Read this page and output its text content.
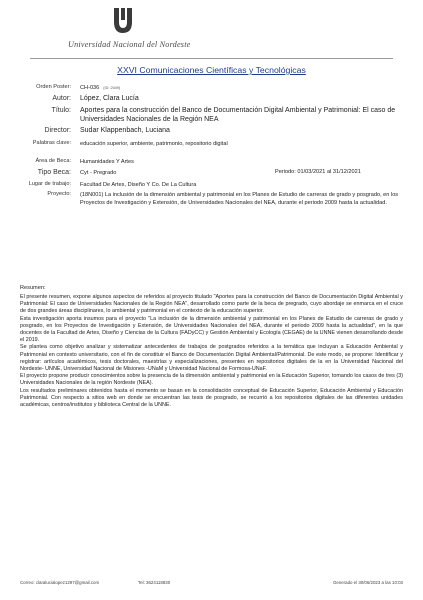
Universidad Nacional del Nordeste
XXVI Comunicaciones Científicas y Tecnológicas
Orden Poster: CH-036 (ID: 2049)
Autor: López, Clara Lucía
Título: Aportes para la construcción del Banco de Documentación Digital Ambiental y Patrimonial: El caso de Universidades Nacionales de la Región NEA
Director: Sudar Klappenbach, Luciana
Palabras clave: educación superior, ambiente, patrimonio, repositorio digital
Área de Beca: Humanidades Y Artes
Tipo Beca: Cyt - Pregrado	Periodo: 01/03/2021 al 31/12/2021
Lugar de trabajo: Facultad De Artes, Diseño Y Co. De La Cultura
Proyecto: (18N001) La inclusión de la dimensión ambiental y patrimonial en los Planes de Estudio de carreras de grado y posgrado, en los Proyectos de Investigación y Extensión, de Universidades Nacionales del NEA, durante el periodo 2009 hasta la actualidad.
Resumen:

El presente resumen, expone algunos aspectos de referidos al proyecto titulado "Aportes para la construcción del Banco de Documentación Digital Ambiental y Patrimonial: El caso de Universidades Nacionales de la Región NEA", desarrollado como parte de la beca de pregrado, cuyo abordaje se enmarca en el cruce de dos grandes áreas disciplinares, lo ambiental y patrimonial en el contexto de la educación superior.

Esta investigación aporta insumos para el proyecto "La inclusión de la dimensión ambiental y patrimonial en los Planes de Estudio de carreras de grado y posgrado, en los Proyectos de Investigación y Extensión, de Universidades Nacionales del NEA, durante el periodo 2009 hasta la actualidad", en la que docentes de la Facultad de Artes, Diseño y Ciencias de la Cultura (FADyCC) y Gestión Ambiental y Ecología (CEGAE) de la UNNE vienen desarrollando desde el 2019.

Se plantea como objetivo analizar y sistematizar antecedentes de trabajos de postgrados referidos a la temática que incluyan a Educación Ambiental y Patrimonial en contexto universitario, con el fin de constituir el Banco de Documentación Digital Ambiental/Patrimonial. De este modo, se propone: Identificar y registrar: artículos académicos, tesis doctorales, maestrías y especializaciones, presentes en repositorios digitales de la en la Universidad Nacional del Nordeste- UNNE, Universidad Nacional de Misiones -UNaM y Universidad Nacional de Formosa-UNaF.

El proyecto propone producir conocimientos sobre la presencia de la dimensión ambiental y patrimonial en la Educación Superior, tomando los casos de tres (3) Universidades Nacionales de la región Nordeste (NEA).

Los resultados preliminares obtenidos hasta el momento se basan en la consolidación conceptual de Educación Superior, Educación Ambiental y Educación Patrimonial. Con respecto a sitios web en donde se encuentran las tesis de posgrado, se recurrió a los repositorios digitales de las diferentes unidades académicas, centros/institutos y biblioteca Central de la UNNE.

Correo: claralucialopez1297@gmail.com	Tel: 3624118830	Generado el 30/06/2023 a las 10:03
